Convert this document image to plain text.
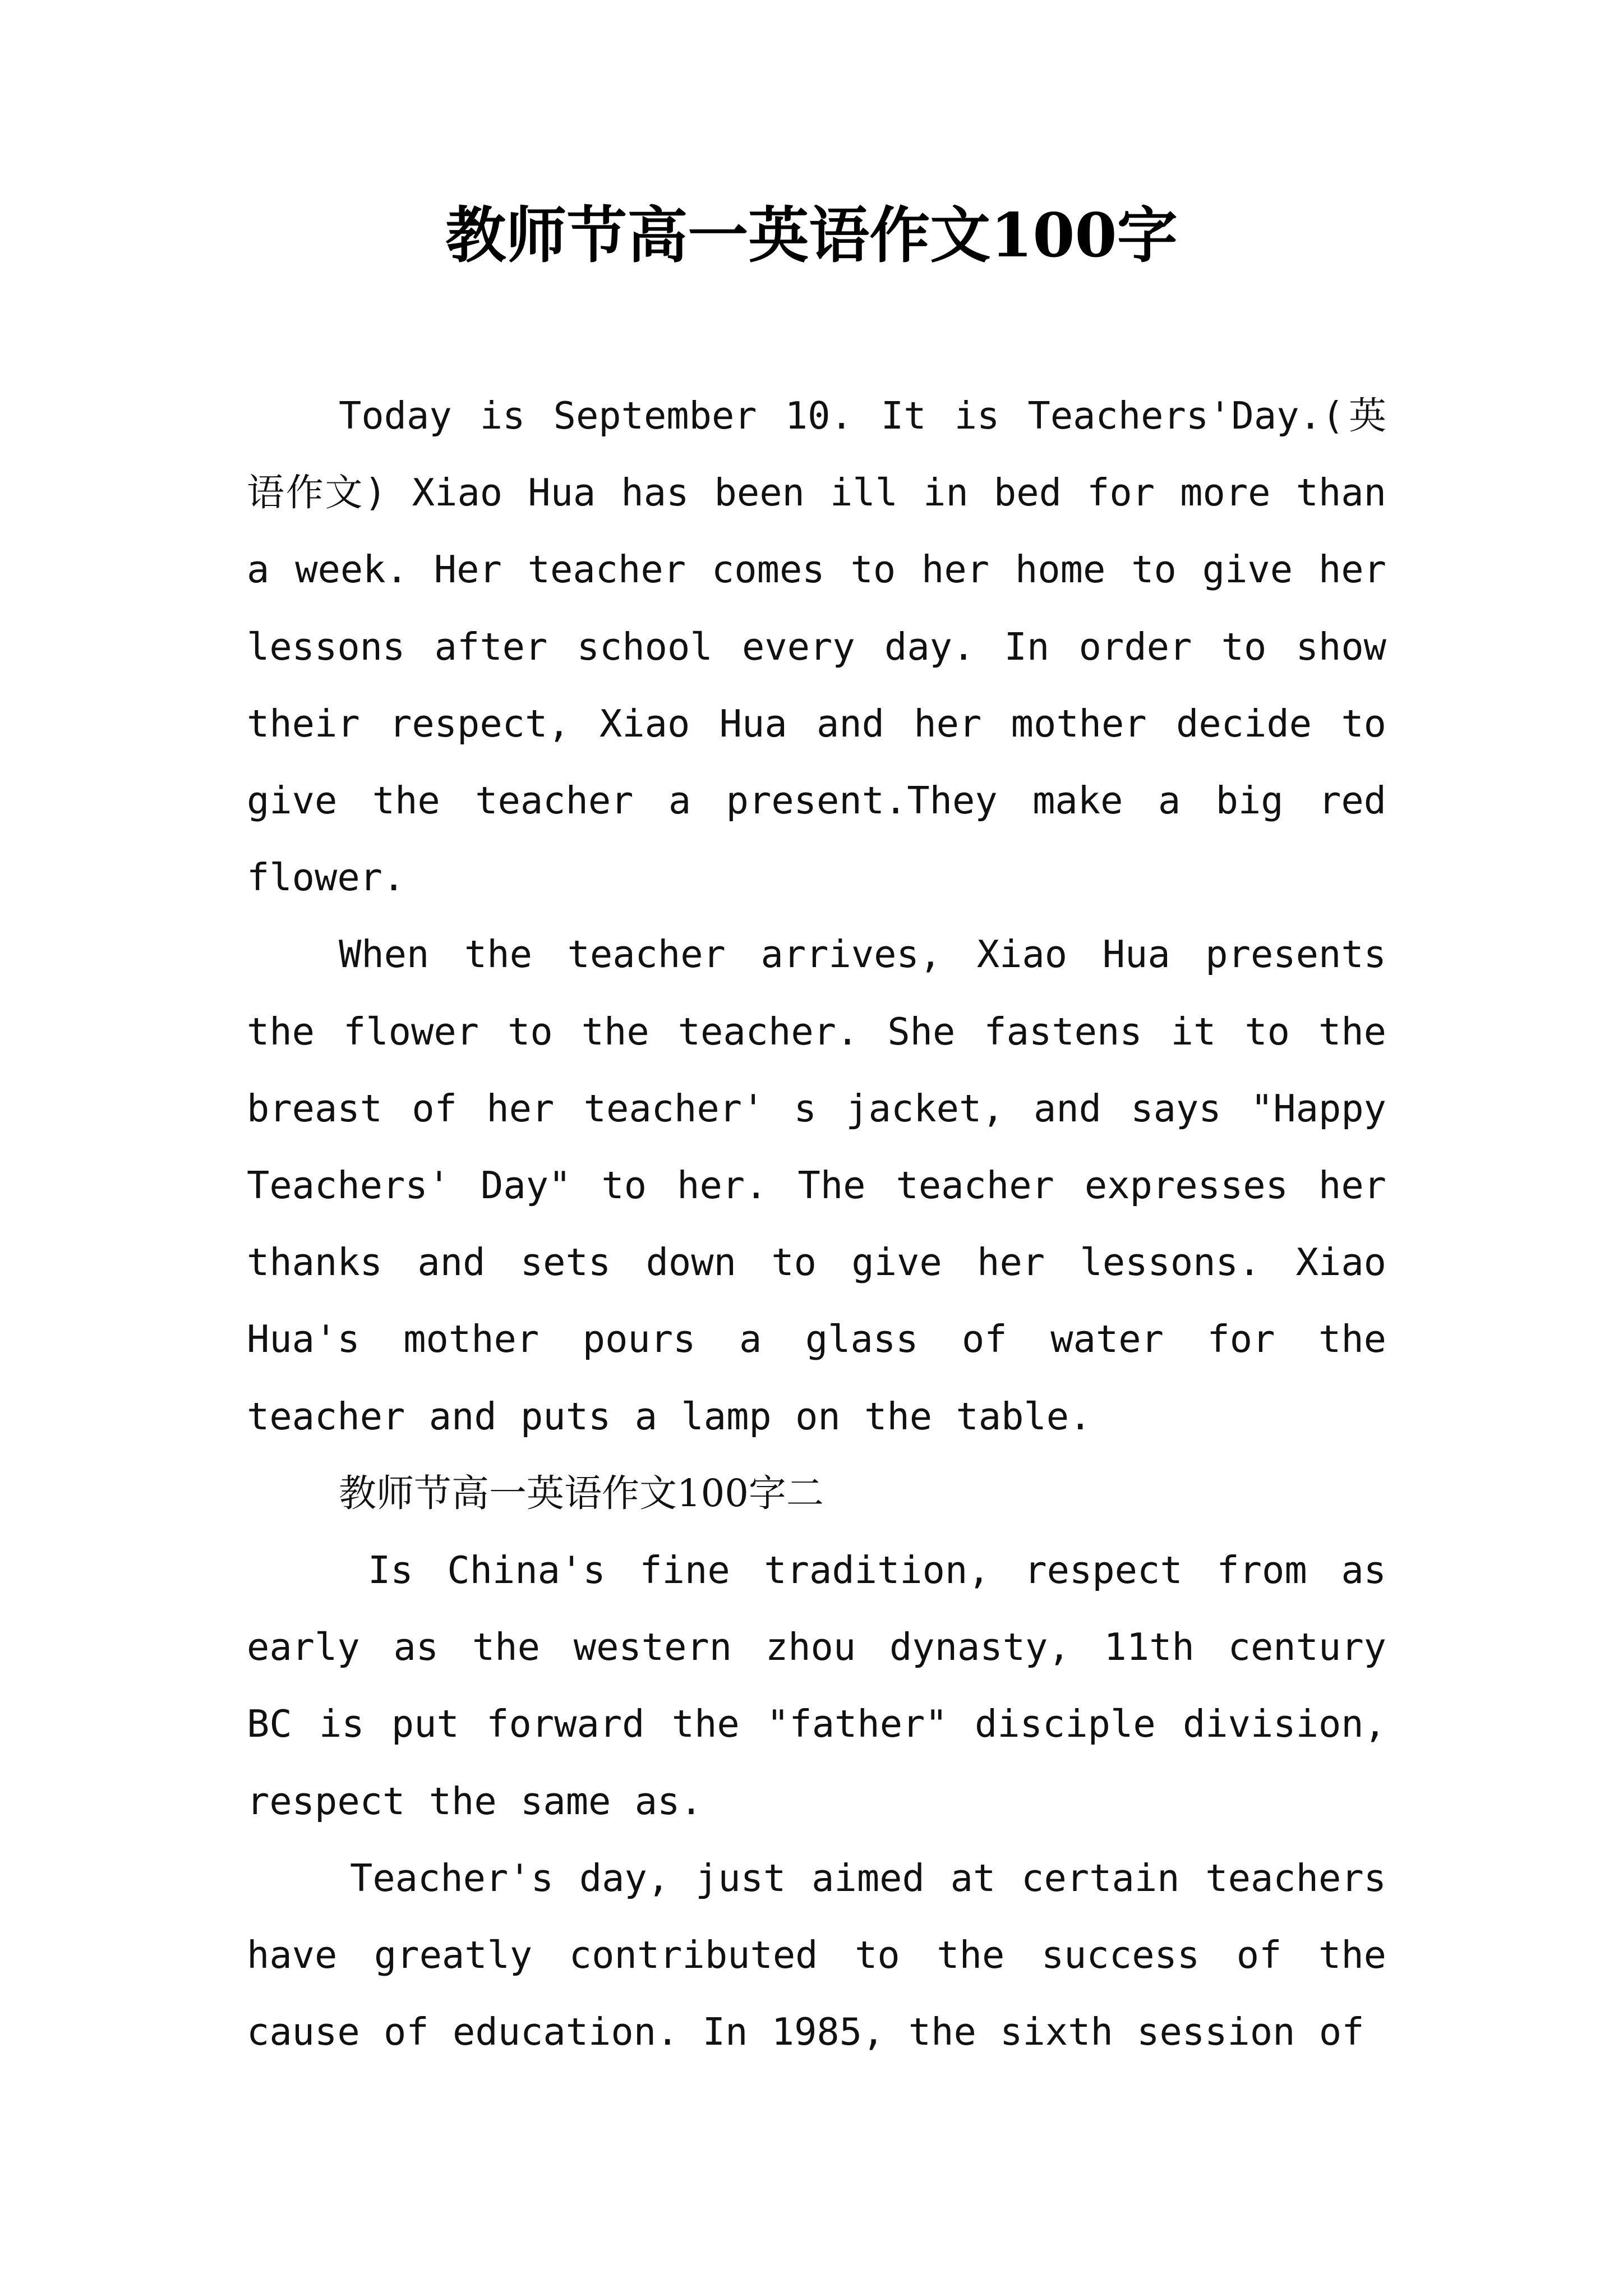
教师节高一英语作文100字

Today is September 10. It is Teachers'Day.(英语作文) Xiao Hua has been ill in bed for more than a week. Her teacher comes to her home to give her lessons after school every day. In order to show their respect, Xiao Hua and her mother decide to give the teacher a present.They make a big red flower.

When the teacher arrives, Xiao Hua presents the flower to the teacher. She fastens it to the breast of her teacher' s jacket, and says "Happy Teachers' Day" to her. The teacher expresses her thanks and sets down to give her lessons. Xiao Hua's mother pours a glass of water for the teacher and puts a lamp on the table.

教师节高一英语作文100字二

Is China's fine tradition, respect from as early as the western zhou dynasty, 11th century BC is put forward the "father" disciple division, respect the same as.

Teacher's day, just aimed at certain teachers have greatly contributed to the success of the cause of education. In 1985, the sixth session of
